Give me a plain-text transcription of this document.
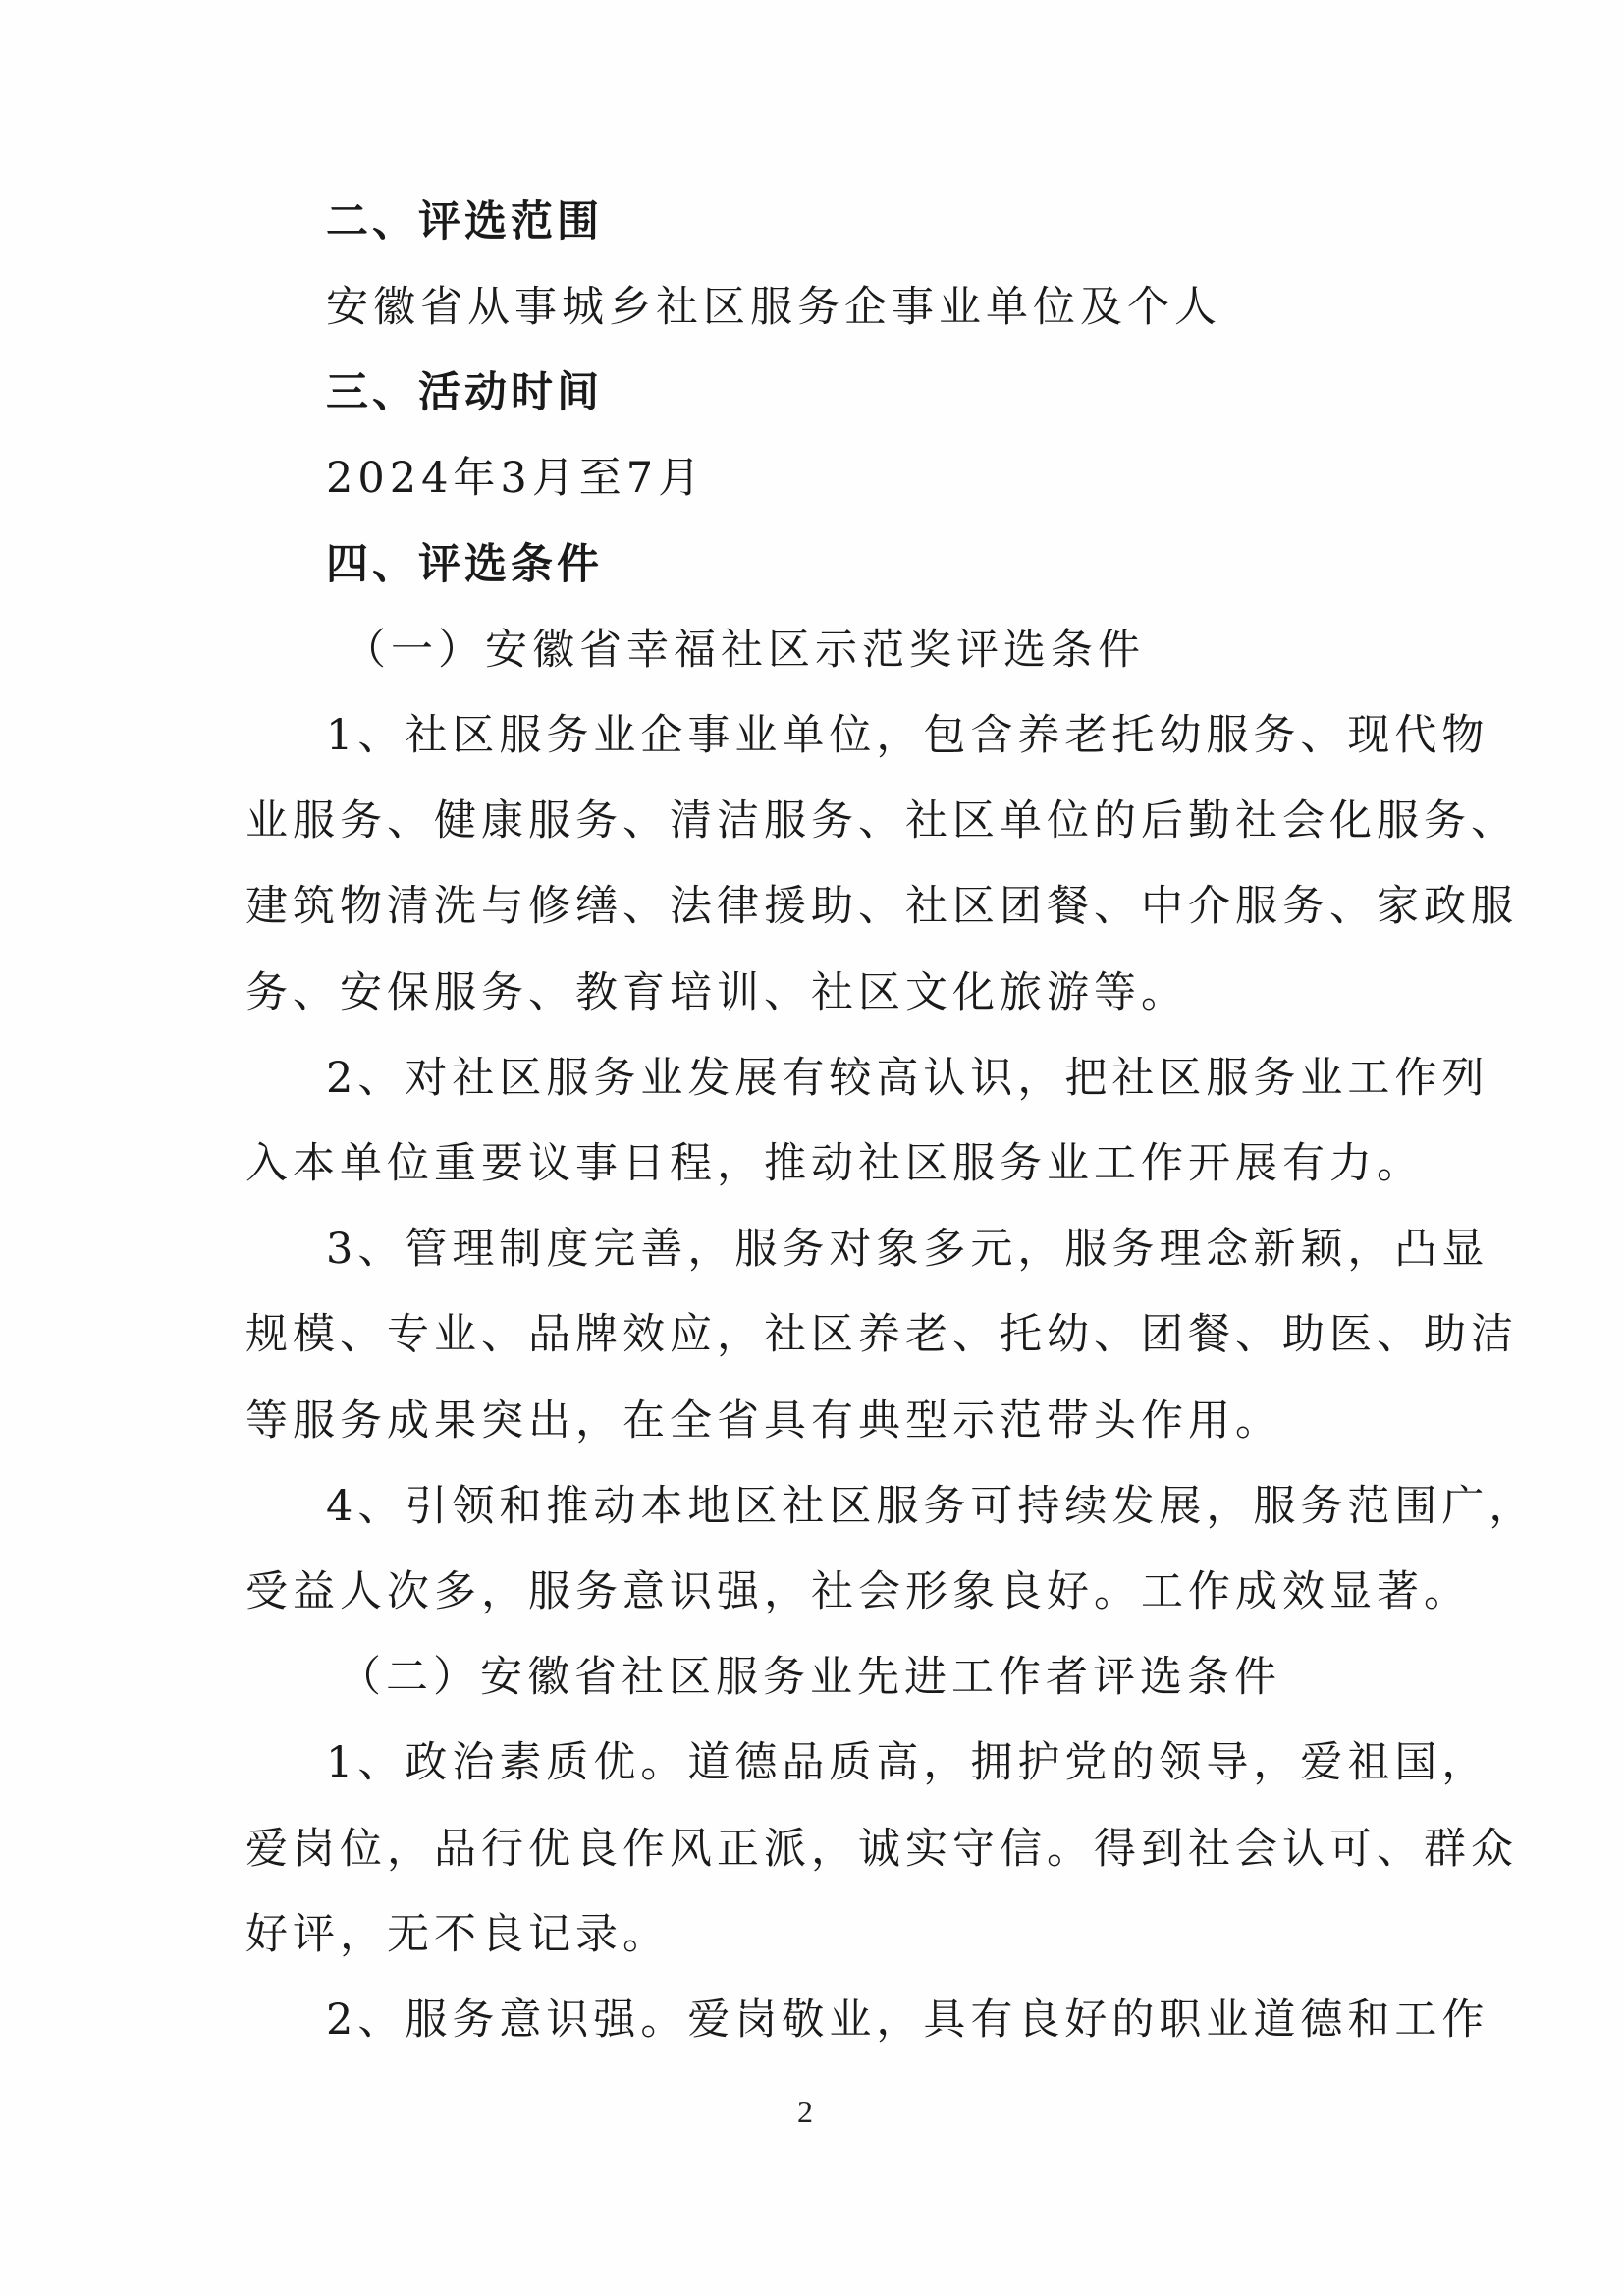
二、评选范围
安徽省从事城乡社区服务企事业单位及个人
三、活动时间
2024年3月至7月
四、评选条件
（一）安徽省幸福社区示范奖评选条件
1、社区服务业企事业单位，包含养老托幼服务、现代物
业服务、健康服务、清洁服务、社区单位的后勤社会化服务、
建筑物清洗与修缮、法律援助、社区团餐、中介服务、家政服
务、安保服务、教育培训、社区文化旅游等。
2、对社区服务业发展有较高认识，把社区服务业工作列
入本单位重要议事日程，推动社区服务业工作开展有力。
3、管理制度完善，服务对象多元，服务理念新颖，凸显
规模、专业、品牌效应，社区养老、托幼、团餐、助医、助洁
等服务成果突出，在全省具有典型示范带头作用。
4、引领和推动本地区社区服务可持续发展，服务范围广，
受益人次多，服务意识强，社会形象良好。工作成效显著。
（二）安徽省社区服务业先进工作者评选条件
1、政治素质优。道德品质高，拥护党的领导，爱祖国，
爱岗位，品行优良作风正派，诚实守信。得到社会认可、群众
好评，无不良记录。
2、服务意识强。爱岗敬业，具有良好的职业道德和工作
2
